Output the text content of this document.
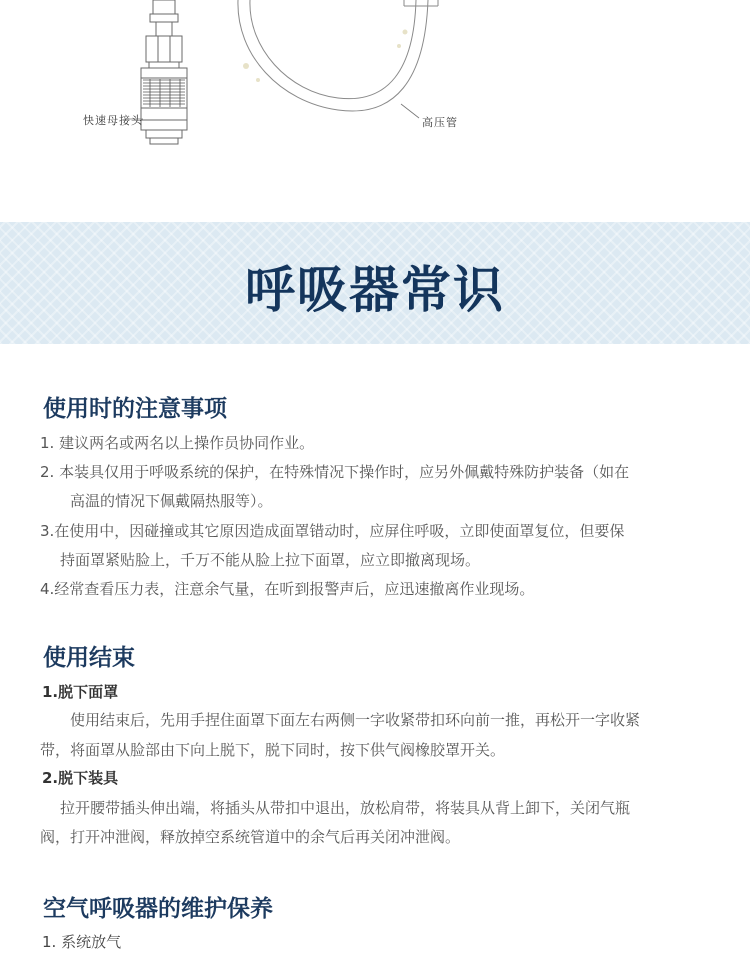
快速母接头	高压管
呼吸器常识
使用时的注意事项
1. 建议两名或两名以上操作员协同作业。
2. 本装具仅用于呼吸系统的保护，在特殊情况下操作时，应另外佩戴特殊防护装备（如在
高温的情况下佩戴隔热服等）。
3.在使用中，因碰撞或其它原因造成面罩错动时，应屏住呼吸，立即使面罩复位，但要保
持面罩紧贴脸上，千万不能从脸上拉下面罩，应立即撤离现场。
4.经常查看压力表，注意余气量，在听到报警声后，应迅速撤离作业现场。
使用结束
1.脱下面罩
使用结束后，先用手捏住面罩下面左右两侧一字收紧带扣环向前一推，再松开一字收紧
带，将面罩从脸部由下向上脱下，脱下同时，按下供气阀橡胶罩开关。
2.脱下装具
拉开腰带插头伸出端，将插头从带扣中退出，放松肩带，将装具从背上卸下，关闭气瓶
阀，打开冲泄阀，释放掉空系统管道中的余气后再关闭冲泄阀。
空气呼吸器的维护保养
1. 系统放气
